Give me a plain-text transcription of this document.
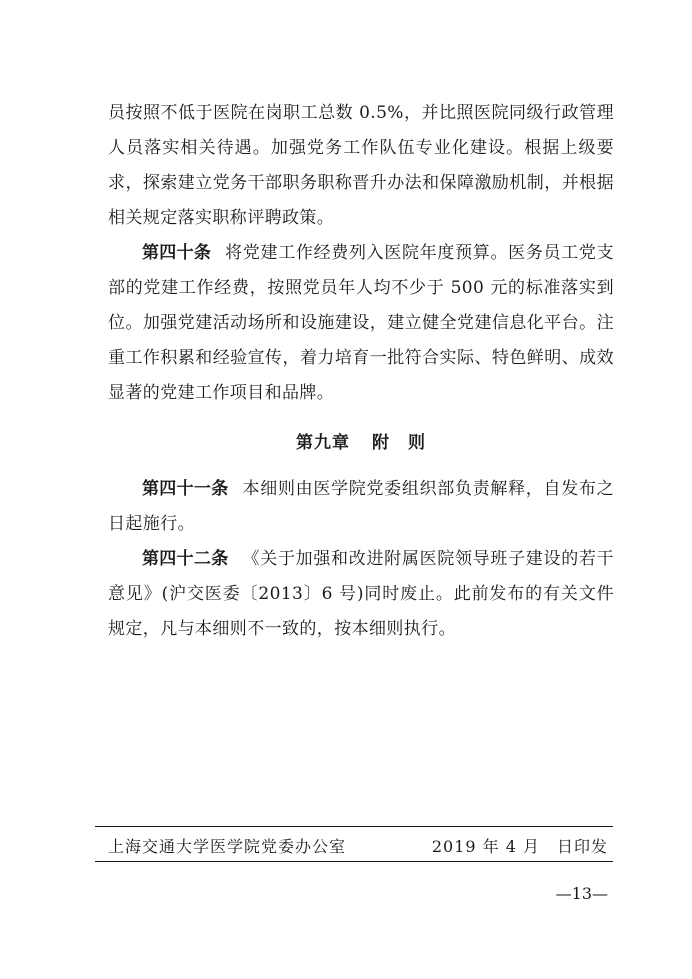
员按照不低于医院在岗职工总数 0.5%，并比照医院同级行政管理人员落实相关待遇。加强党务工作队伍专业化建设。根据上级要求，探索建立党务干部职务职称晋升办法和保障激励机制，并根据相关规定落实职称评聘政策。

第四十条 将党建工作经费列入医院年度预算。医务员工党支部的党建工作经费，按照党员年人均不少于 500 元的标准落实到位。加强党建活动场所和设施建设，建立健全党建信息化平台。注重工作积累和经验宣传，着力培育一批符合实际、特色鲜明、成效显著的党建工作项目和品牌。

第九章 附　则

第四十一条 本细则由医学院党委组织部负责解释，自发布之日起施行。

第四十二条 《关于加强和改进附属医院领导班子建设的若干意见》(沪交医委〔2013〕6 号)同时废止。此前发布的有关文件规定，凡与本细则不一致的，按本细则执行。

上海交通大学医学院党委办公室	2019 年 4 月　日印发
—13—
